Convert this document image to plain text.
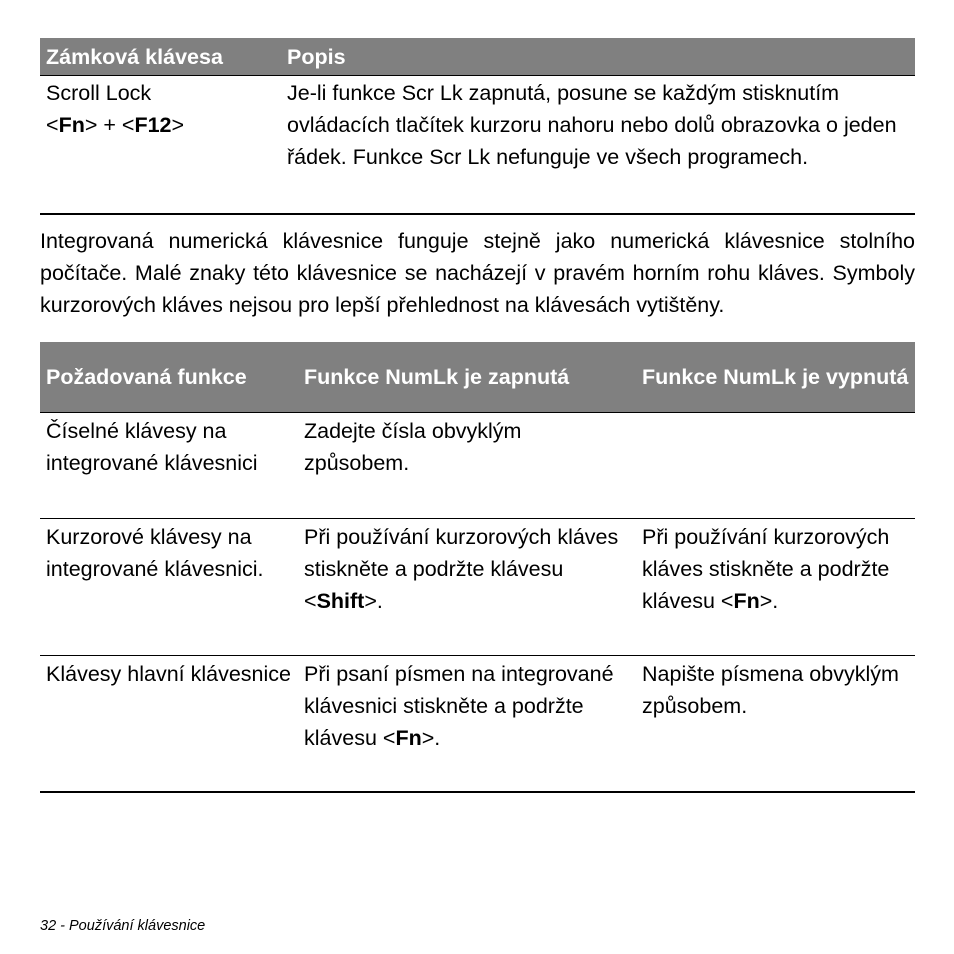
Zámková klávesa	Popis
Scroll Lock
<Fn> + <F12>	Je-li funkce Scr Lk zapnutá, posune se každým stisknutím ovládacích tlačítek kurzoru nahoru nebo dolů obrazovka o jeden řádek. Funkce Scr Lk nefunguje ve všech programech.

Integrovaná numerická klávesnice funguje stejně jako numerická klávesnice stolního počítače. Malé znaky této klávesnice se nacházejí v pravém horním rohu kláves. Symboly kurzorových kláves nejsou pro lepší přehlednost na klávesách vytištěny.

Požadovaná funkce	Funkce NumLk je zapnutá	Funkce NumLk je vypnutá
Číselné klávesy na integrované klávesnici	Zadejte čísla obvyklým způsobem.	
Kurzorové klávesy na integrované klávesnici.	Při používání kurzorových kláves stiskněte a podržte klávesu <Shift>.	Při používání kurzorových kláves stiskněte a podržte klávesu <Fn>.
Klávesy hlavní klávesnice	Při psaní písmen na integrované klávesnici stiskněte a podržte klávesu <Fn>.	Napište písmena obvyklým způsobem.
32 - Používání klávesnice
